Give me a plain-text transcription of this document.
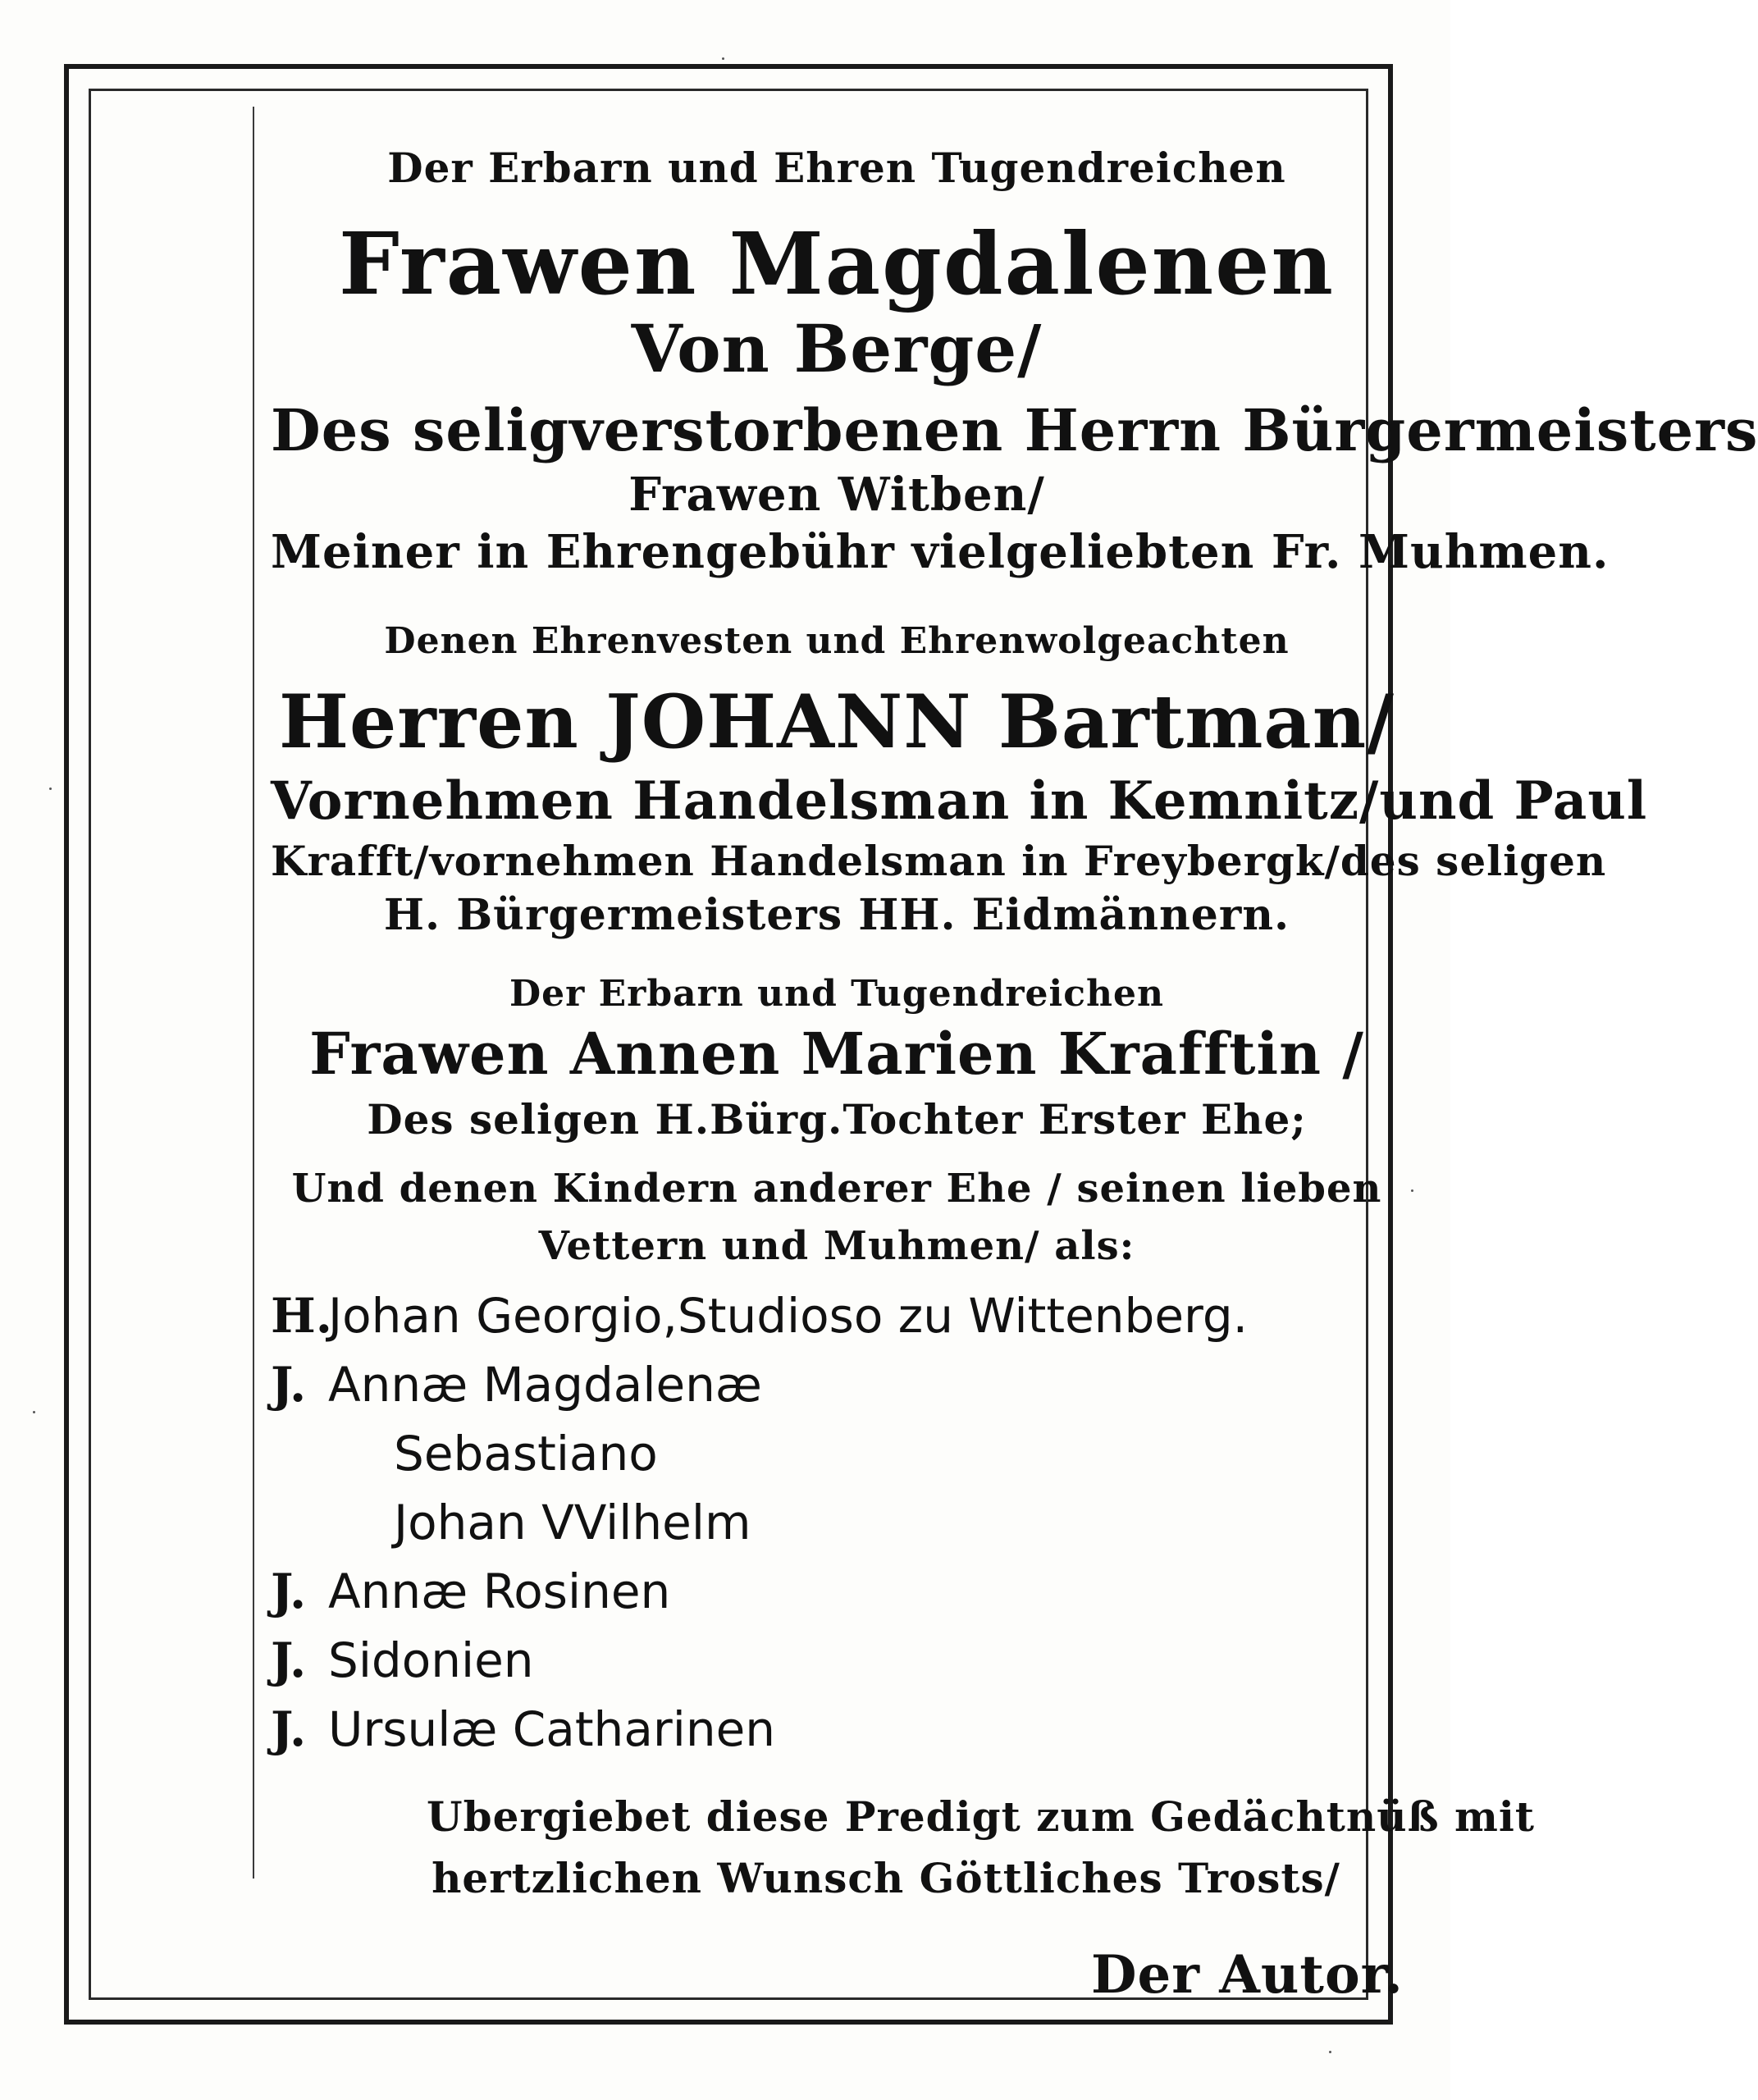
Der Erbarn und Ehren Tugendreichen
Frawen Magdalenen
Von Berge/
Des seligverstorbenen Herrn Bürgermeisters
Frawen Witben/
Meiner in Ehrengebühr vielgeliebten Fr. Muhmen.
Denen Ehrenvesten und Ehrenwolgeachten
Herren JOHANN Bartman/
Vornehmen Handelsman in Kemnitz/und Paul
Krafft/vornehmen Handelsman in Freybergk/des seligen
H. Bürgermeisters HH. Eidmännern.
Der Erbarn und Tugendreichen
Frawen Annen Marien Krafftin /
Des seligen H.Bürg.Tochter Erster Ehe;
Und denen Kindern anderer Ehe / seinen lieben
Vettern und Muhmen/ als:
H.Johan Georgio,Studioso zu Wittenberg.
J. Annæ Magdalenæ
Sebastiano
Johan VVilhelm
J. Annæ Rosinen
J. Sidonien
J. Ursulæ Catharinen
Ubergiebet diese Predigt zum Gedächtnüß mit
hertzlichen Wunsch Göttliches Trosts/
Der Autor.
